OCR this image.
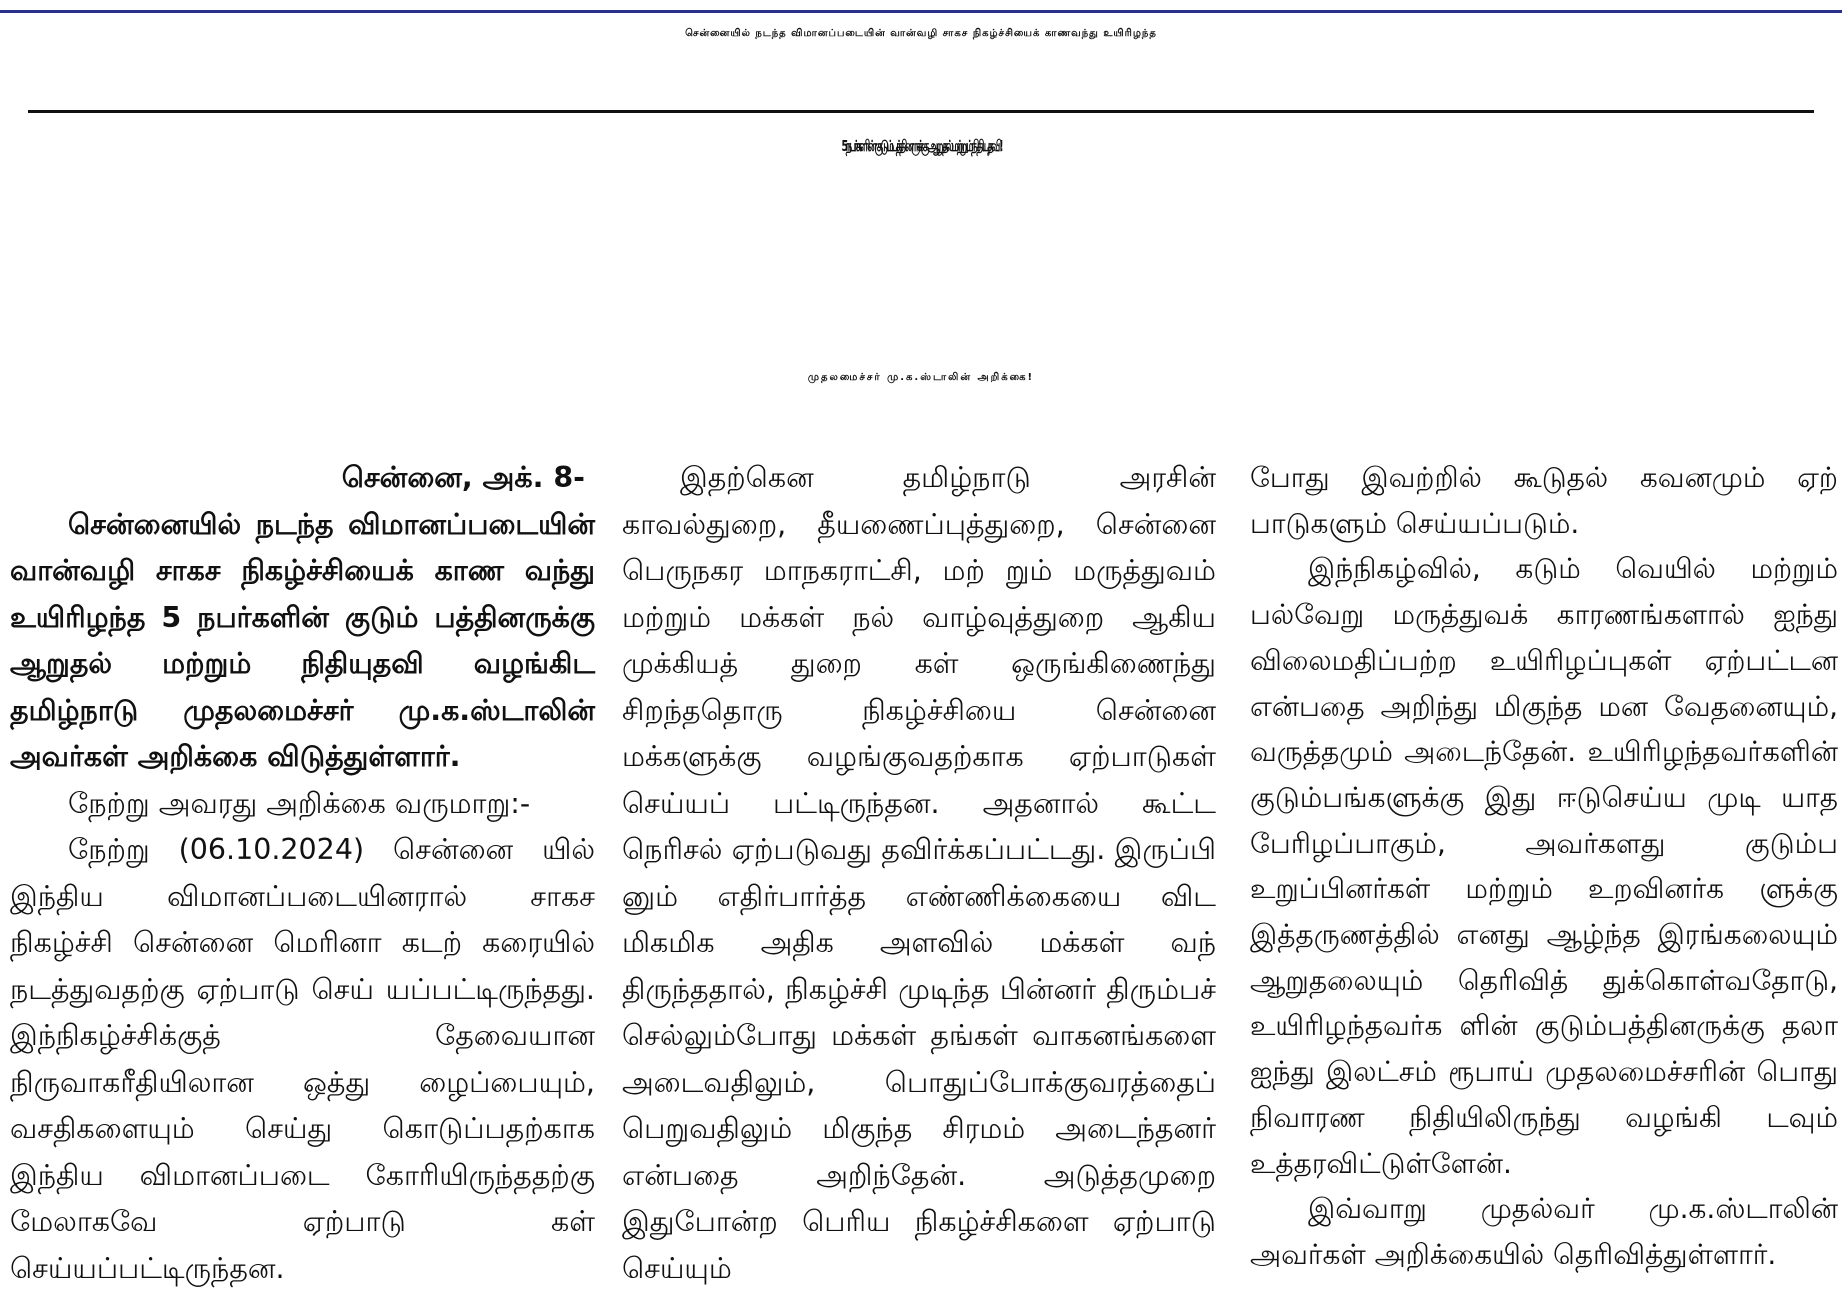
சென்னையில் நடந்த விமானப்படையின் வான்வழி சாகச நிகழ்ச்சியைக் காணவந்து உயிரிழந்த
5 நபர்களின் குடும்பத்தினருக்கு ஆறுதல் மற்றும் நிதியுதவி!
முதலமைச்சர் மு.க.ஸ்டாலின் அறிக்கை!

சென்னை, அக். 8-

சென்னையில் நடந்த விமானப்படையின் வான்வழி சாகச நிகழ்ச்சியைக் காண வந்து உயிரிழந்த 5 நபர்களின் குடும் பத்தினருக்கு ஆறுதல் மற்றும் நிதியுதவி வழங்கிட தமிழ்நாடு முதலமைச்சர் மு.க.ஸ்டாலின் அவர்கள் அறிக்கை விடுத்துள்ளார்.

நேற்று அவரது அறிக்கை வருமாறு:-

நேற்று (06.10.2024) சென்னை யில் இந்திய விமானப்படையினரால் சாகச நிகழ்ச்சி சென்னை மெரினா கடற் கரையில் நடத்துவதற்கு ஏற்பாடு செய் யப்பட்டிருந்தது. இந்நிகழ்ச்சிக்குத் தேவையான நிருவாகரீதியிலான ஒத்து ழைப்பையும், வசதிகளையும் செய்து கொடுப்பதற்காக இந்திய விமானப்படை கோரியிருந்ததற்கு மேலாகவே ஏற்பாடு கள் செய்யப்பட்டிருந்தன.

இதற்கென தமிழ்நாடு அரசின் காவல்துறை, தீயணைப்புத்துறை, சென்னை பெருநகர மாநகராட்சி, மற் றும் மருத்துவம் மற்றும் மக்கள் நல் வாழ்வுத்துறை ஆகிய முக்கியத் துறை கள் ஒருங்கிணைந்து சிறந்ததொரு நிகழ்ச்சியை சென்னை மக்களுக்கு வழங்குவதற்காக ஏற்பாடுகள் செய்யப் பட்டிருந்தன. அதனால் கூட்ட நெரிசல் ஏற்படுவது தவிர்க்கப்பட்டது. இருப்பி னும் எதிர்பார்த்த எண்ணிக்கையை விட மிகமிக அதிக அளவில் மக்கள் வந் திருந்ததால், நிகழ்ச்சி முடிந்த பின்னர் திரும்பச் செல்லும்போது மக்கள் தங்கள் வாகனங்களை அடைவதிலும், பொதுப்போக்குவரத்தைப் பெறுவதிலும் மிகுந்த சிரமம் அடைந்தனர் என்பதை அறிந்தேன். அடுத்தமுறை இதுபோன்ற பெரிய நிகழ்ச்சிகளை ஏற்பாடு செய்யும்

போது இவற்றில் கூடுதல் கவனமும் ஏற் பாடுகளும் செய்யப்படும்.

இந்நிகழ்வில், கடும் வெயில் மற்றும் பல்வேறு மருத்துவக் காரணங்களால் ஐந்து விலைமதிப்பற்ற உயிரிழப்புகள் ஏற்பட்டன என்பதை அறிந்து மிகுந்த மன வேதனையும், வருத்தமும் அடைந்தேன். உயிரிழந்தவர்களின் குடும்பங்களுக்கு இது ஈடுசெய்ய முடி யாத பேரிழப்பாகும், அவர்களது குடும்ப உறுப்பினர்கள் மற்றும் உறவினர்க ளுக்கு இத்தருணத்தில் எனது ஆழ்ந்த இரங்கலையும் ஆறுதலையும் தெரிவித் துக்கொள்வதோடு, உயிரிழந்தவர்க ளின் குடும்பத்தினருக்கு தலா ஐந்து இலட்சம் ரூபாய் முதலமைச்சரின் பொது நிவாரண நிதியிலிருந்து வழங்கி டவும் உத்தரவிட்டுள்ளேன்.

இவ்வாறு முதல்வர் மு.க.ஸ்டாலின் அவர்கள் அறிக்கையில் தெரிவித்துள்ளார்.
